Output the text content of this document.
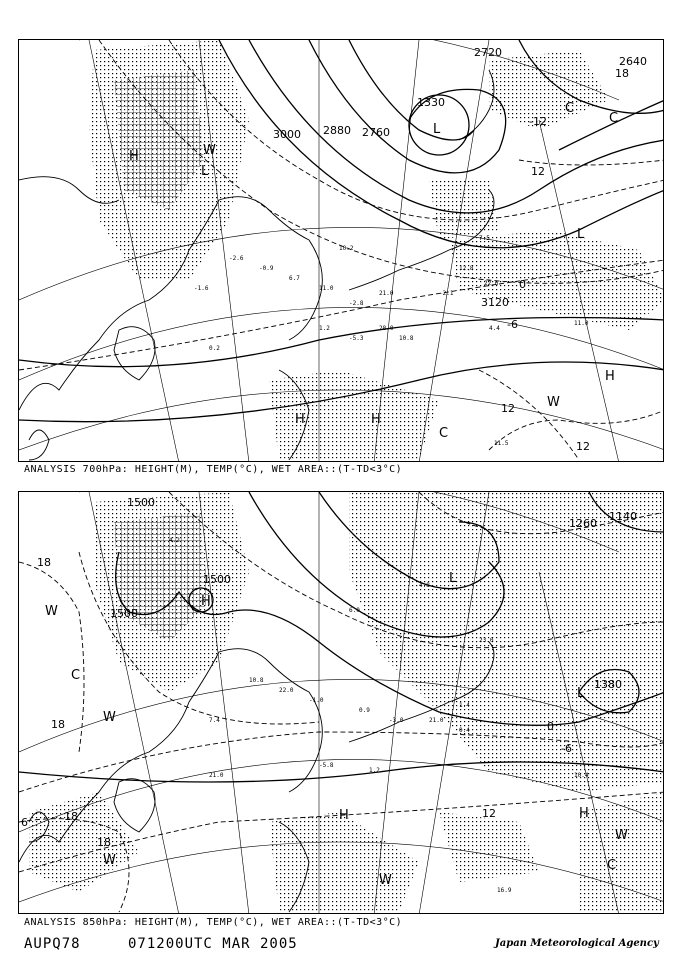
-2.6
-0.9
6.7
11.0
-2.8
21.0
10.8
-2.1
12.8
7.5
22.6
-5.3
1.2
-1.6
0.2
4.4
11.0
28.0
11.5
10.2
3000 2880 2760
2640
2720
3120
1330
12
12
12
0
-6
-12
18
H	H
H
H
L
L
L
C
C
C
W
W
ANALYSIS 700hPa: HEIGHT(M), TEMP(°C), WET AREA::(T-TD<3°C)
10.8
22.0
-1.0
0.9
-3.0	21.0
1.4
0.4
23.0
7.4
1.2
-5.8
21.0	10.4
16.9
6.0
4.2
4.8
1500
1500
1500
1380
1260
1140
18
18
18	12
0
-6
6
18
H	H
H
L
L
W
W
W
W
W
C
C
ANALYSIS 850hPa: HEIGHT(M), TEMP(°C), WET AREA::(T-TD<3°C)
AUPQ78	071200UTC MAR 2005	Japan Meteorological Agency
